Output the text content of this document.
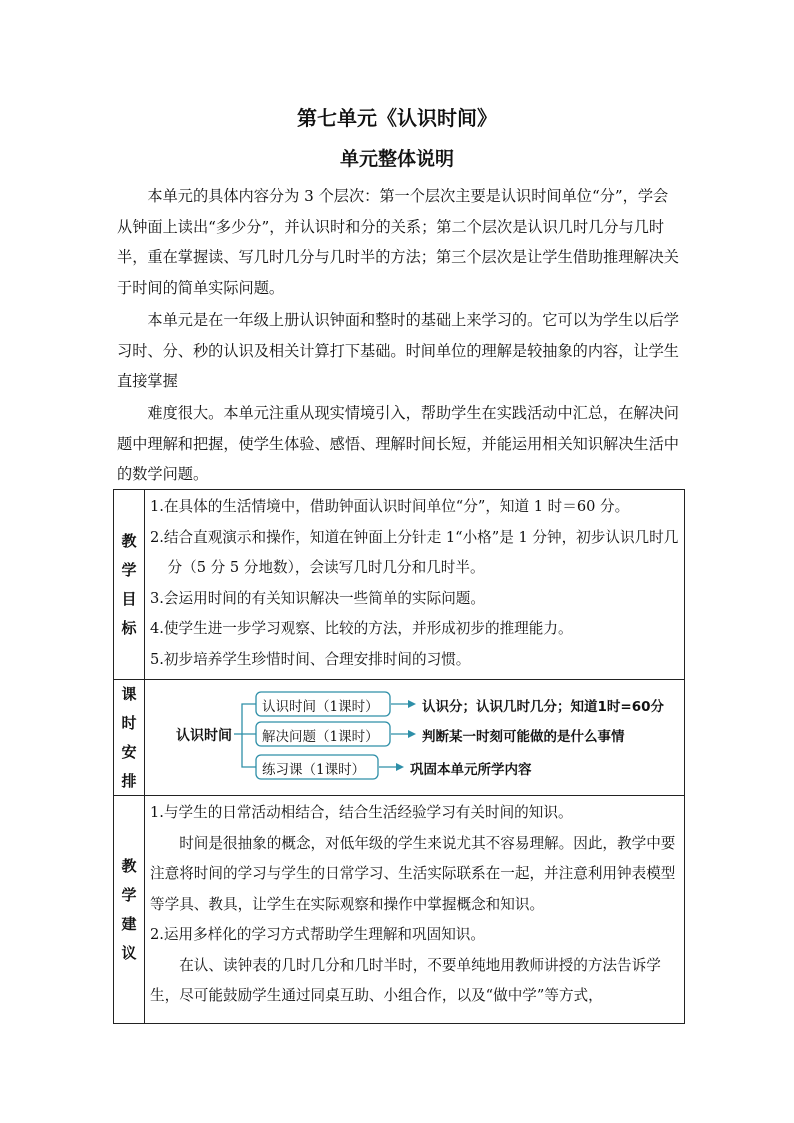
第七单元《认识时间》
单元整体说明

本单元的具体内容分为 3 个层次：第一个层次主要是认识时间单位“分”，学会从钟面上读出“多少分”，并认识时和分的关系；第二个层次是认识几时几分与几时半，重在掌握读、写几时几分与几时半的方法；第三个层次是让学生借助推理解决关于时间的简单实际问题。

本单元是在一年级上册认识钟面和整时的基础上来学习的。它可以为学生以后学习时、分、秒的认识及相关计算打下基础。时间单位的理解是较抽象的内容，让学生直接掌握

难度很大。本单元注重从现实情境引入，帮助学生在实践活动中汇总，在解决问题中理解和把握，使学生体验、感悟、理解时间长短，并能运用相关知识解决生活中的数学问题。

教
学
目
标

1.在具体的生活情境中，借助钟面认识时间单位“分”，知道 1 时＝60 分。

2.结合直观演示和操作，知道在钟面上分针走 1“小格”是 1 分钟，初步认识几时几分（5 分 5 分地数），会读写几时几分和几时半。

3.会运用时间的有关知识解决一些简单的实际问题。

4.使学生进一步学习观察、比较的方法，并形成初步的推理能力。

5.初步培养学生珍惜时间、合理安排时间的习惯。

课
时
安
排
认识时间
认识时间（1课时）
解决问题（1课时）
练习课（1课时）
认识分；认识几时几分；知道1时=60分
判断某一时刻可能做的是什么事情
巩固本单元所学内容
教
学
建
议

1.与学生的日常活动相结合，结合生活经验学习有关时间的知识。

时间是很抽象的概念，对低年级的学生来说尤其不容易理解。因此，教学中要注意将时间的学习与学生的日常学习、生活实际联系在一起，并注意利用钟表模型等学具、教具，让学生在实际观察和操作中掌握概念和知识。

2.运用多样化的学习方式帮助学生理解和巩固知识。

在认、读钟表的几时几分和几时半时，不要单纯地用教师讲授的方法告诉学生，尽可能鼓励学生通过同桌互助、小组合作，以及“做中学”等方式，
